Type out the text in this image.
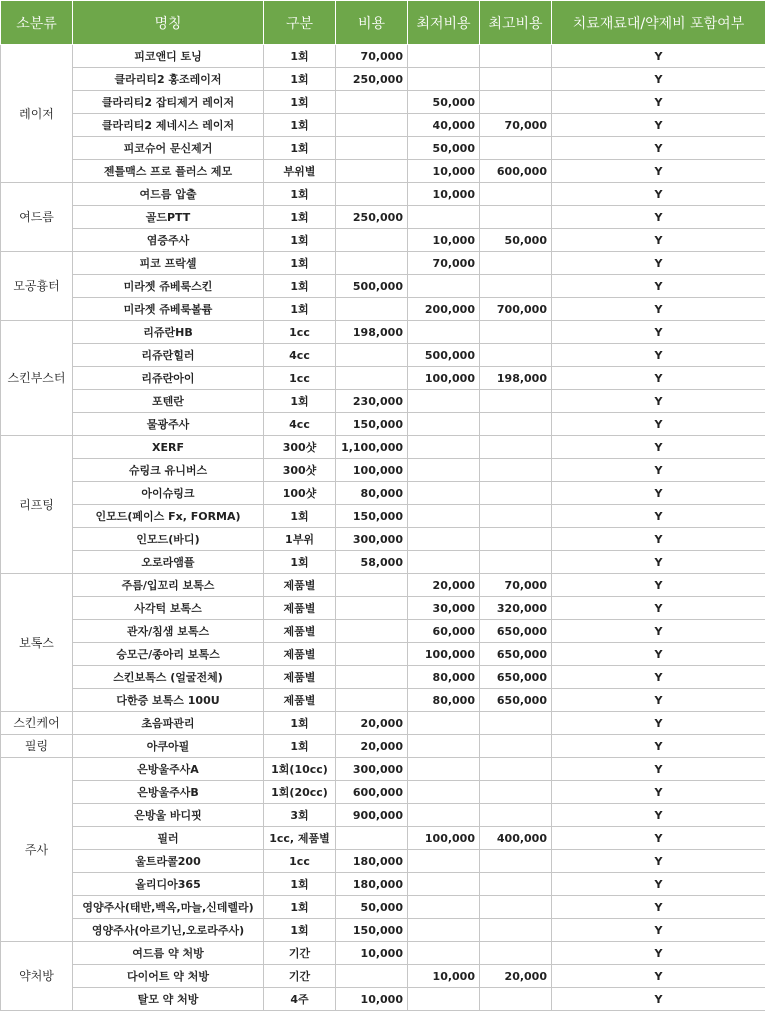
소분류	명칭	구분	비용	최저비용	최고비용	치료재료대/약제비 포함여부
레이저	피코앤디 토닝	1회	70,000			Y
	클라리티2 홍조레이저	1회	250,000			Y
	클라리티2 잡티제거 레이저	1회		50,000		Y
	클라리티2 제네시스 레이저	1회		40,000	70,000	Y
	피코슈어 문신제거	1회		50,000		Y
	젠틀맥스 프로 플러스 제모	부위별		10,000	600,000	Y
여드름	여드름 압출	1회		10,000		Y
	골드PTT	1회	250,000			Y
	염증주사	1회		10,000	50,000	Y
모공흉터	피코 프락셀	1회		70,000		Y
	미라젯 쥬베룩스킨	1회	500,000			Y
	미라젯 쥬베룩볼륨	1회		200,000	700,000	Y
스킨부스터	리쥬란HB	1cc	198,000			Y
	리쥬란힐러	4cc		500,000		Y
	리쥬란아이	1cc		100,000	198,000	Y
	포텐란	1회	230,000			Y
	물광주사	4cc	150,000			Y
리프팅	XERF	300샷	1,100,000			Y
	슈링크 유니버스	300샷	100,000			Y
	아이슈링크	100샷	80,000			Y
	인모드(페이스 Fx, FORMA)	1회	150,000			Y
	인모드(바디)	1부위	300,000			Y
	오로라앰플	1회	58,000			Y
보톡스	주름/입꼬리 보톡스	제품별		20,000	70,000	Y
	사각턱 보톡스	제품별		30,000	320,000	Y
	관자/침샘 보톡스	제품별		60,000	650,000	Y
	승모근/종아리 보톡스	제품별		100,000	650,000	Y
	스킨보톡스 (얼굴전체)	제품별		80,000	650,000	Y
	다한증 보톡스 100U	제품별		80,000	650,000	Y
스킨케어	초음파관리	1회	20,000			Y
필링	아쿠아필	1회	20,000			Y
주사	은방울주사A	1회(10cc)	300,000			Y
	은방울주사B	1회(20cc)	600,000			Y
	은방울 바디핏	3회	900,000			Y
	필러	1cc, 제품별		100,000	400,000	Y
	울트라콜200	1cc	180,000			Y
	올리디아365	1회	180,000			Y
	영양주사(태반,백옥,마늘,신데렐라)	1회	50,000			Y
	영양주사(아르기닌,오로라주사)	1회	150,000			Y
약처방	여드름 약 처방	기간	10,000			Y
	다이어트 약 처방	기간		10,000	20,000	Y
	탈모 약 처방	4주	10,000			Y
